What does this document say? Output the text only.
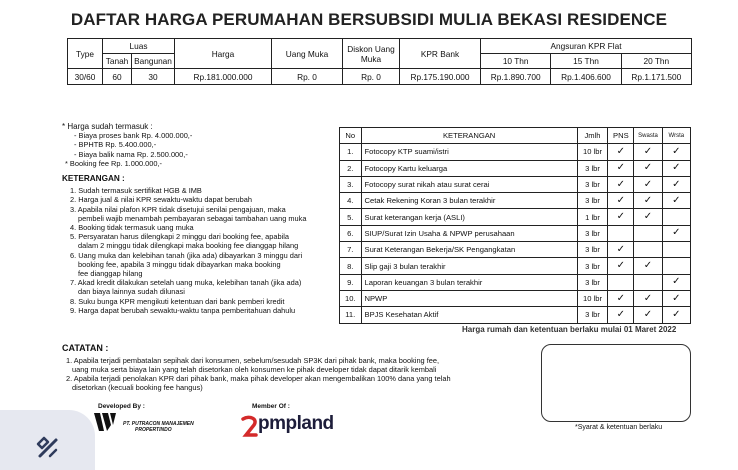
DAFTAR HARGA PERUMAHAN BERSUBSIDI MULIA BEKASI RESIDENCE
Type	Luas		Harga	Uang Muka	Diskon Uang Muka	KPR Bank	Angsuran KPR Flat		
	Tanah	Bangunan					10 Thn	15 Thn	20 Thn
30/60	60	30	Rp.181.000.000	Rp. 0	Rp. 0	Rp.175.190.000	Rp.1.890.700	Rp.1.406.600	Rp.1.171.500
* Harga sudah termasuk :
- Biaya proses bank Rp. 4.000.000,-
- BPHTB Rp. 5.400.000,-
- Biaya balik nama Rp. 2.500.000,-
* Booking fee Rp. 1.000.000,-
KETERANGAN :
1. Sudah termasuk sertifikat HGB & IMB
2. Harga jual & nilai KPR sewaktu-waktu dapat berubah
3. Apabila nilai plafon KPR tidak disetujui senilai pengajuan, maka
pembeli wajib menambah pembayaran sebagai tambahan uang muka
4. Booking tidak termasuk uang muka
5. Persyaratan harus dilengkapi 2 minggu dari booking fee, apabila
dalam 2 minggu tidak dilengkapi maka booking fee dianggap hilang
6. Uang muka dan kelebihan tanah (jika ada) dibayarkan 3 minggu dari
booking fee, apabila 3 minggu tidak dibayarkan maka booking
fee dianggap hilang
7. Akad kredit dilakukan setelah uang muka, kelebihan tanah (jika ada)
dan biaya lainnya sudah dilunasi
8. Suku bunga KPR mengikuti ketentuan dari bank pemberi kredit
9. Harga dapat berubah sewaktu-waktu tanpa pemberitahuan dahulu
No	KETERANGAN	Jmlh	PNS	Swasta	Wrsta
1.	Fotocopy KTP suami/istri	10 lbr	✓	✓	✓
2.	Fotocopy Kartu keluarga	3 lbr	✓	✓	✓
3.	Fotocopy surat nikah atau surat cerai	3 lbr	✓	✓	✓
4.	Cetak Rekening Koran 3 bulan terakhir	3 lbr	✓	✓	✓
5.	Surat keterangan kerja (ASLI)	1 lbr	✓	✓	
6.	SIUP/Surat Izin Usaha & NPWP perusahaan	3 lbr			✓
7.	Surat Keterangan Bekerja/SK Pengangkatan	3 lbr	✓		
8.	Slip gaji 3 bulan terakhir	3 lbr	✓	✓	
9.	Laporan keuangan 3 bulan terakhir	3 lbr			✓
10.	NPWP	10 lbr	✓	✓	✓
11.	BPJS Kesehatan Aktif	3 lbr	✓	✓	✓
Harga rumah dan ketentuan berlaku mulai 01 Maret 2022
CATATAN :
1. Apabila terjadi pembatalan sepihak dari konsumen, sebelum/sesudah SP3K dari pihak bank, maka booking fee,
uang muka serta biaya lain yang telah disetorkan oleh konsumen ke pihak developer tidak dapat ditarik kembali
2. Apabila terjadi penolakan KPR dari pihak bank, maka pihak developer akan mengembalikan 100% dana yang telah
disetorkan (kecuali booking fee hangus)
*Syarat & ketentuan berlaku
Developed By :
PT. PUTRACON MANAJEMEN
PROPERTINDO
Member Of :
pmpland
